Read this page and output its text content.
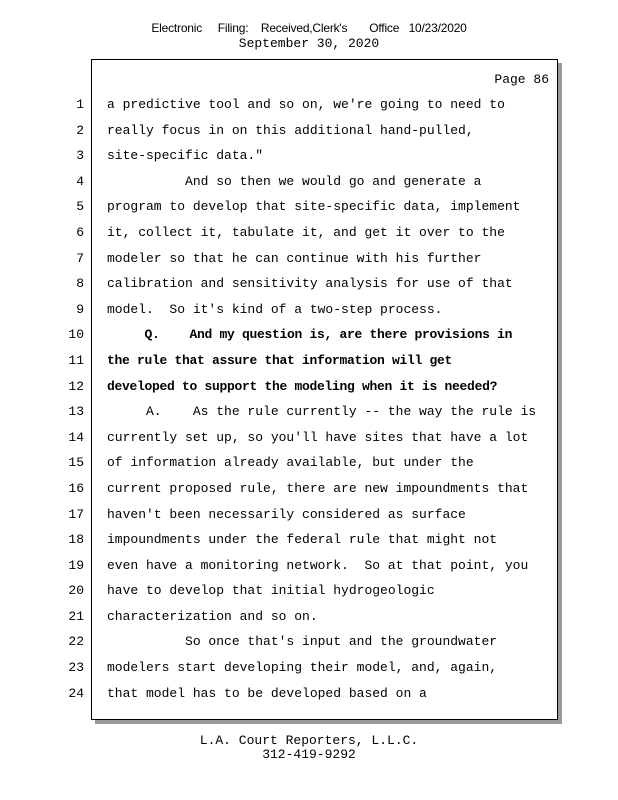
Electronic     Filing:    Received,Clerk's       Office   10/23/2020
September 30, 2020
Page 86
1
2
3
4
5
6
7
8
9
10
11
12
13
14
15
16
17
18
19
20
21
22
23
24
a predictive tool and so on, we're going to need to
really focus in on this additional hand-pulled,
site-specific data."
And so then we would go and generate a
program to develop that site-specific data, implement
it, collect it, tabulate it, and get it over to the
modeler so that he can continue with his further
calibration and sensitivity analysis for use of that
model.  So it's kind of a two-step process.
Q.    And my question is, are there provisions in
the rule that assure that information will get
developed to support the modeling when it is needed?
A.    As the rule currently -- the way the rule is
currently set up, so you'll have sites that have a lot
of information already available, but under the
current proposed rule, there are new impoundments that
haven't been necessarily considered as surface
impoundments under the federal rule that might not
even have a monitoring network.  So at that point, you
have to develop that initial hydrogeologic
characterization and so on.
So once that's input and the groundwater
modelers start developing their model, and, again,
that model has to be developed based on a
L.A. Court Reporters, L.L.C.
312-419-9292
